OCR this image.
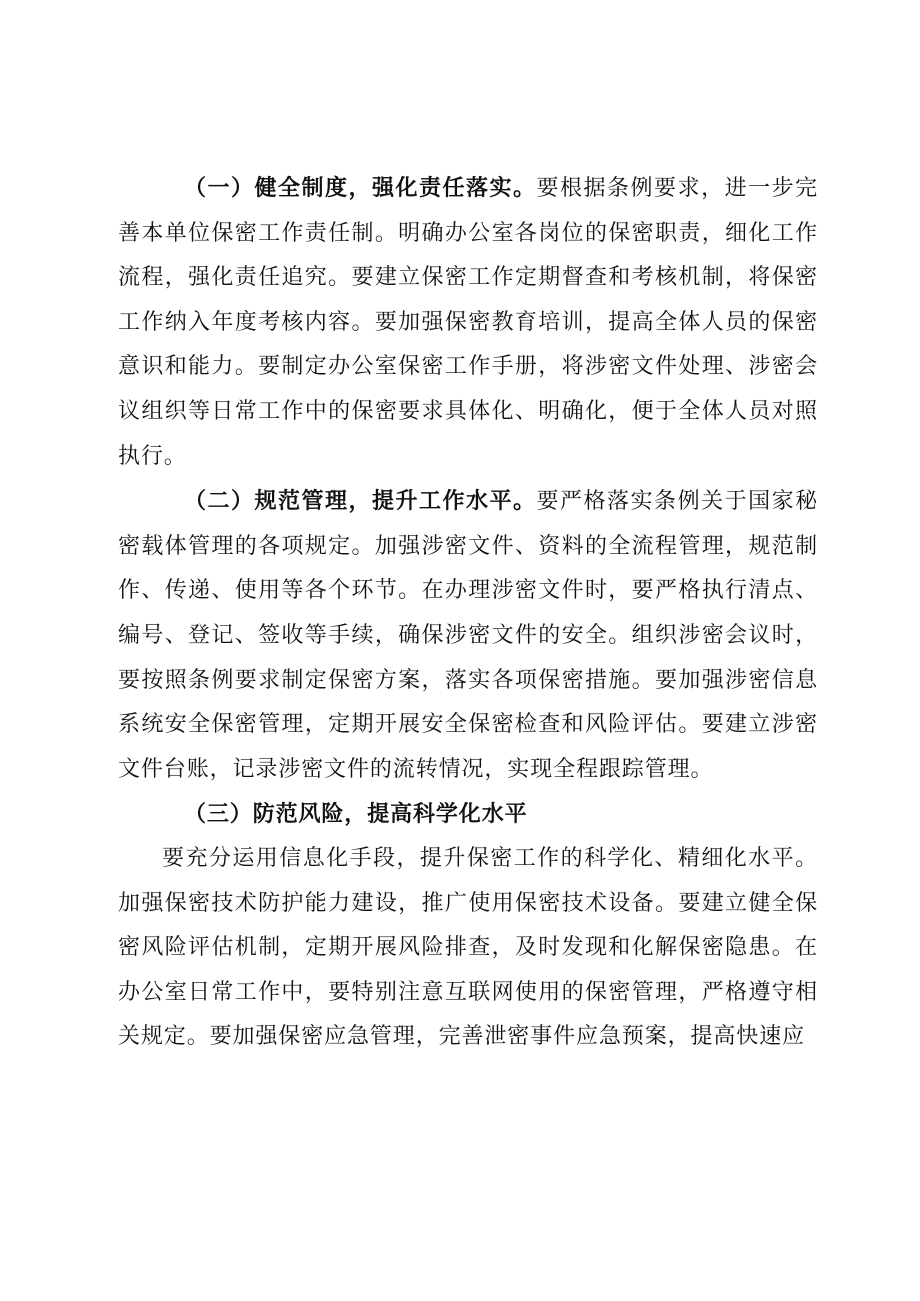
（一）健全制度，强化责任落实。要根据条例要求，进一步完善本单位保密工作责任制。明确办公室各岗位的保密职责，细化工作流程，强化责任追究。要建立保密工作定期督查和考核机制，将保密工作纳入年度考核内容。要加强保密教育培训，提高全体人员的保密意识和能力。要制定办公室保密工作手册，将涉密文件处理、涉密会议组织等日常工作中的保密要求具体化、明确化，便于全体人员对照执行。

（二）规范管理，提升工作水平。要严格落实条例关于国家秘密载体管理的各项规定。加强涉密文件、资料的全流程管理，规范制作、传递、使用等各个环节。在办理涉密文件时，要严格执行清点、编号、登记、签收等手续，确保涉密文件的安全。组织涉密会议时，要按照条例要求制定保密方案，落实各项保密措施。要加强涉密信息系统安全保密管理，定期开展安全保密检查和风险评估。要建立涉密文件台账，记录涉密文件的流转情况，实现全程跟踪管理。

（三）防范风险，提高科学化水平

要充分运用信息化手段，提升保密工作的科学化、精细化水平。加强保密技术防护能力建设，推广使用保密技术设备。要建立健全保密风险评估机制，定期开展风险排查，及时发现和化解保密隐患。在办公室日常工作中，要特别注意互联网使用的保密管理，严格遵守相关规定。要加强保密应急管理，完善泄密事件应急预案，提高快速应
